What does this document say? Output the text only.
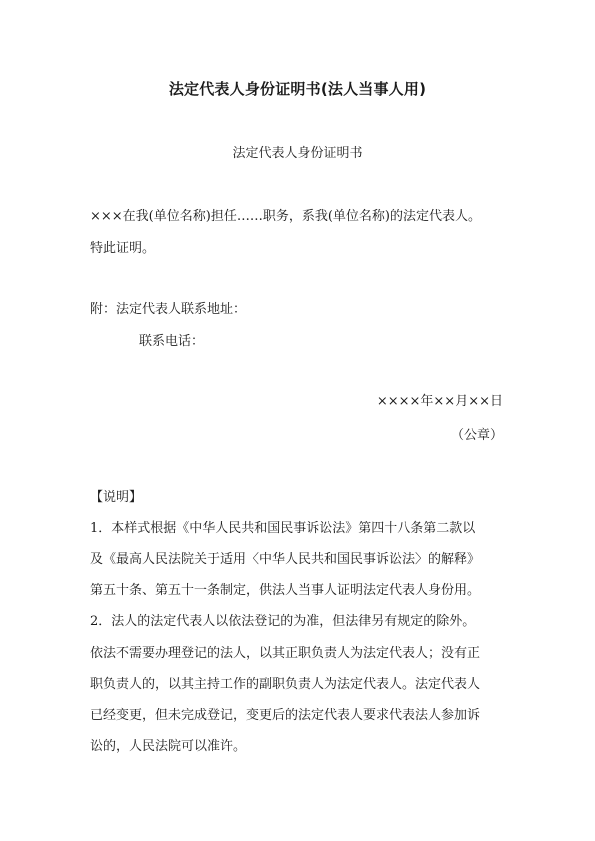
法定代表人身份证明书(法人当事人用)
法定代表人身份证明书
×××在我(单位名称)担任……职务，系我(单位名称)的法定代表人。
特此证明。
附：法定代表人联系地址：
联系电话：
××××年××月××日
（公章）
【说明】
1．本样式根据《中华人民共和国民事诉讼法》第四十八条第二款以
及《最高人民法院关于适用〈中华人民共和国民事诉讼法〉的解释》
第五十条、第五十一条制定，供法人当事人证明法定代表人身份用。
2．法人的法定代表人以依法登记的为准，但法律另有规定的除外。
依法不需要办理登记的法人，以其正职负责人为法定代表人；没有正
职负责人的，以其主持工作的副职负责人为法定代表人。法定代表人
已经变更，但未完成登记，变更后的法定代表人要求代表法人参加诉
讼的，人民法院可以准许。
